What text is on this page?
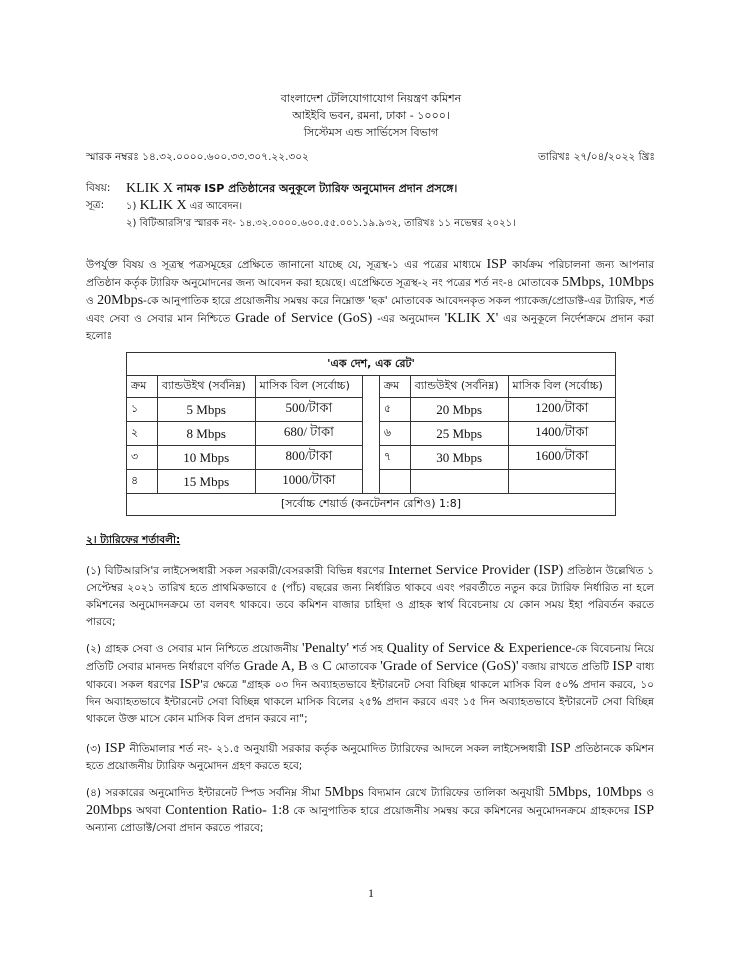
বাংলাদেশ টেলিযোগাযোগ নিয়ন্ত্রণ কমিশন
আইইবি ভবন, রমনা, ঢাকা - ১০০০।
সিস্টেমস এন্ড সার্ভিসেস বিভাগ
স্মারক নম্বরঃ ১৪.৩২.০০০০.৬০০.৩৩.৩০৭.২২.৩০২	তারিখঃ ২৭/০৪/২০২২ খ্রিঃ
বিষয়:	KLIK X নামক ISP প্রতিষ্ঠানের অনুকূলে ট্যারিফ অনুমোদন প্রদান প্রসঙ্গে।
সূত্র:	১) KLIK X এর আবেদন।
২) বিটিআরসি'র স্মারক নং- ১৪.৩২.০০০০.৬০০.৫৫.০০১.১৯.৯৩২, তারিখঃ ১১ নভেম্বর ২০২১।
উপর্যুক্ত বিষয় ও সূত্রস্থ পত্রসমূহের প্রেক্ষিতে জানানো যাচ্ছে যে, সূত্রস্থ-১ এর পত্রের মাধ্যমে ISP কার্যক্রম পরিচালনা জন্য আপনার প্রতিষ্ঠান কর্তৃক ট্যারিফ অনুমোদনের জন্য আবেদন করা হয়েছে। এপ্রেক্ষিতে সূত্রস্থ-২ নং পত্রের শর্ত নং-৪ মোতাবেক 5Mbps, 10Mbps ও 20Mbps-কে আনুপাতিক হারে প্রয়োজনীয় সমন্বয় করে নিম্নোক্ত 'ছক' মোতাবেক আবেদনকৃত সকল প্যাকেজ/প্রোডাক্ট-এর ট্যারিফ, শর্ত এবং সেবা ও সেবার মান নিশ্চিতে Grade of Service (GoS) -এর অনুমোদন 'KLIK X' এর অনুকূলে নির্দেশক্রমে প্রদান করা হলোঃ
'এক দেশ, এক রেট'						
ক্রম	ব্যান্ডউইথ (সর্বনিম্ন)	মাসিক বিল (সর্বোচ্চ)		ক্রম	ব্যান্ডউইথ (সর্বনিম্ন)	মাসিক বিল (সর্বোচ্চ)
১	5 Mbps	500/টাকা		৫	20 Mbps	1200/টাকা
২	8 Mbps	680/ টাকা		৬	25 Mbps	1400/টাকা
৩	10 Mbps	800/টাকা		৭	30 Mbps	1600/টাকা
৪	15 Mbps	1000/টাকা				
[সর্বোচ্চ শেয়ার্ড (কনটেনশন রেশিও) 1:8]						
২। ট্যারিফের শর্তাবলী:
(১) বিটিআরসি'র লাইসেন্সধারী সকল সরকারী/বেসরকারী বিভিন্ন ধরণের Internet Service Provider (ISP) প্রতিষ্ঠান উল্লেখিত ১ সেপ্টেম্বর ২০২১ তারিখ হতে প্রাথমিকভাবে ৫ (পাঁচ) বছরের জন্য নির্ধারিত থাকবে এবং পরবর্তীতে নতুন করে ট্যারিফ নির্ধারিত না হলে কমিশনের অনুমোদনক্রমে তা বলবৎ থাকবে। তবে কমিশন বাজার চাহিদা ও গ্রাহক স্বার্থ বিবেচনায় যে কোন সময় ইহা পরিবর্তন করতে পারবে;
(২) গ্রাহক সেবা ও সেবার মান নিশ্চিতে প্রয়োজনীয় 'Penalty' শর্ত সহ Quality of Service & Experience-কে বিবেচনায় নিয়ে প্রতিটি সেবার মানদন্ড নির্ধারণে বর্ণিত Grade A, B ও C মোতাবেক 'Grade of Service (GoS)' বজায় রাখতে প্রতিটি ISP বাধ্য থাকবে। সকল ধরণের ISP'র ক্ষেত্রে "গ্রাহক ০৩ দিন অব্যাহতভাবে ইন্টারনেট সেবা বিচ্ছিন্ন থাকলে মাসিক বিল ৫০% প্রদান করবে, ১০ দিন অব্যাহতভাবে ইন্টারনেট সেবা বিচ্ছিন্ন থাকলে মাসিক বিলের ২৫% প্রদান করবে এবং ১৫ দিন অব্যাহতভাবে ইন্টারনেট সেবা বিচ্ছিন্ন থাকলে উক্ত মাসে কোন মাসিক বিল প্রদান করবে না";
(৩) ISP নীতিমালার শর্ত নং- ২১.৫ অনুযায়ী সরকার কর্তৃক অনুমোদিত ট্যারিফের আদলে সকল লাইসেন্সধারী ISP প্রতিষ্ঠানকে কমিশন হতে প্রয়োজনীয় ট্যারিফ অনুমোদন গ্রহণ করতে হবে;
(৪) সরকারের অনুমোদিত ইন্টারনেট স্পিড সর্বনিম্ন সীমা 5Mbps বিদ্যমান রেখে ট্যারিফের তালিকা অনুযায়ী 5Mbps, 10Mbps ও 20Mbps অথবা Contention Ratio- 1:8 কে আনুপাতিক হারে প্রয়োজনীয় সমন্বয় করে কমিশনের অনুমোদনক্রমে গ্রাহকদের ISP অন্যান্য প্রোডাক্ট/সেবা প্রদান করতে পারবে;
1
